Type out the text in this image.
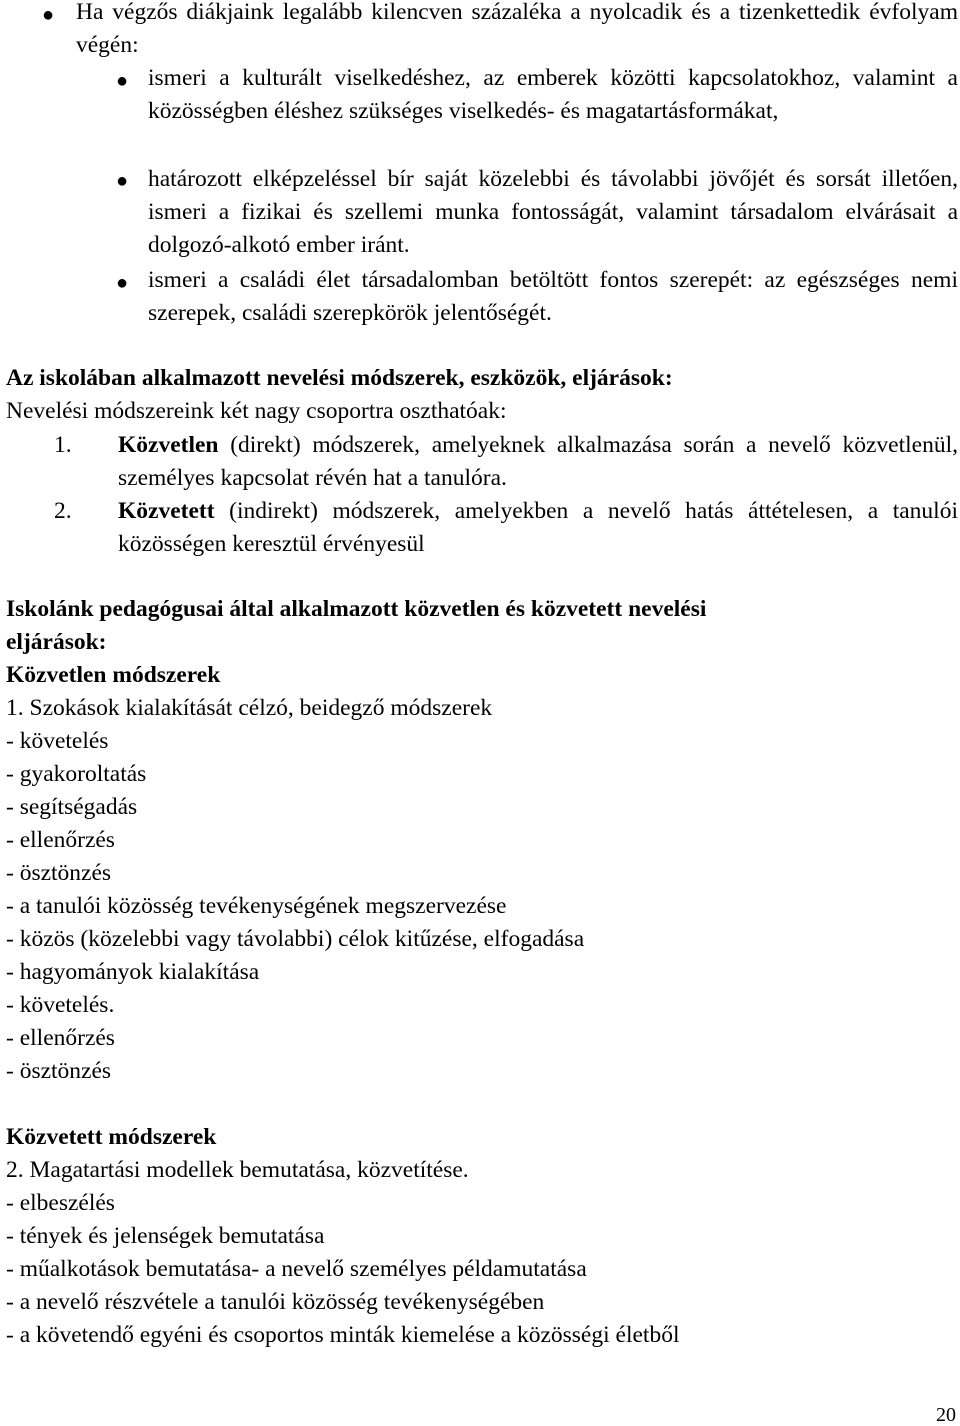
● Ha végzős diákjaink legalább kilencven százaléka a nyolcadik és a tizenkettedik évfolyam végén:
● ismeri a kulturált viselkedéshez, az emberek közötti kapcsolatokhoz, valamint a közösségben éléshez szükséges viselkedés- és magatartásformákat,
● határozott elképzeléssel bír saját közelebbi és távolabbi jövőjét és sorsát illetően, ismeri a fizikai és szellemi munka fontosságát, valamint társadalom elvárásait a dolgozó-alkotó ember iránt.
● ismeri a családi élet társadalomban betöltött fontos szerepét: az egészséges nemi szerepek, családi szerepkörök jelentőségét.
Az iskolában alkalmazott nevelési módszerek, eszközök, eljárások:
Nevelési módszereink két nagy csoportra oszthatóak:
1. Közvetlen (direkt) módszerek, amelyeknek alkalmazása során a nevelő közvetlenül, személyes kapcsolat révén hat a tanulóra.
2. Közvetett (indirekt) módszerek, amelyekben a nevelő hatás áttételesen, a tanulói közösségen keresztül érvényesül
Iskolánk pedagógusai által alkalmazott közvetlen és közvetett nevelési
eljárások:
Közvetlen módszerek
1. Szokások kialakítását célzó, beidegző módszerek
- követelés
- gyakoroltatás
- segítségadás
- ellenőrzés
- ösztönzés
- a tanulói közösség tevékenységének megszervezése
- közös (közelebbi vagy távolabbi) célok kitűzése, elfogadása
- hagyományok kialakítása
- követelés.
- ellenőrzés
- ösztönzés
Közvetett módszerek
2. Magatartási modellek bemutatása, közvetítése.
- elbeszélés
- tények és jelenségek bemutatása
- műalkotások bemutatása- a nevelő személyes példamutatása
- a nevelő részvétele a tanulói közösség tevékenységében
- a követendő egyéni és csoportos minták kiemelése a közösségi életből
20
